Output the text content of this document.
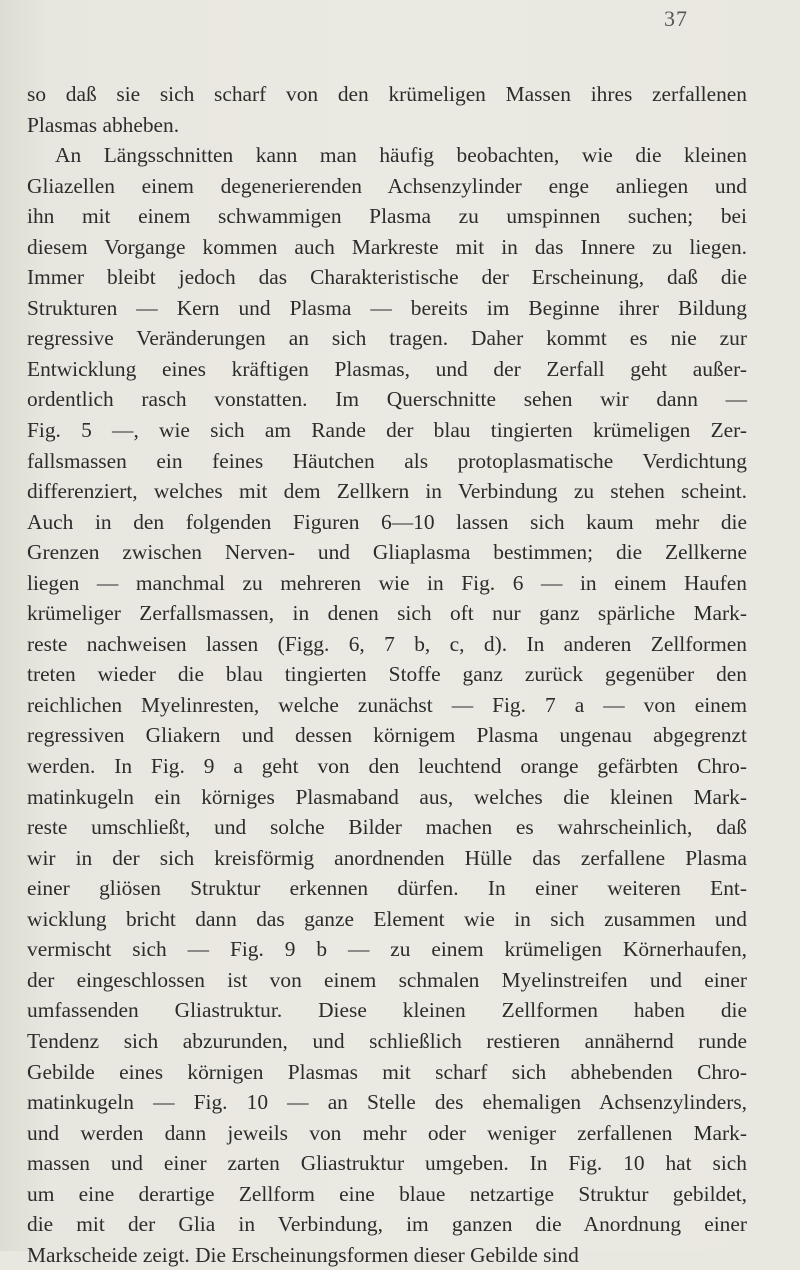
37
so daß sie sich scharf von den krümeligen Massen ihres zerfallenen
Plasmas abheben.
An Längsschnitten kann man häufig beobachten, wie die kleinen
Gliazellen einem degenerierenden Achsenzylinder enge anliegen und
ihn mit einem schwammigen Plasma zu umspinnen suchen; bei
diesem Vorgange kommen auch Markreste mit in das Innere zu liegen.
Immer bleibt jedoch das Charakteristische der Erscheinung, daß die
Strukturen — Kern und Plasma — bereits im Beginne ihrer Bildung
regressive Veränderungen an sich tragen. Daher kommt es nie zur
Entwicklung eines kräftigen Plasmas, und der Zerfall geht außer-
ordentlich rasch vonstatten. Im Querschnitte sehen wir dann —
Fig. 5 —, wie sich am Rande der blau tingierten krümeligen Zer-
fallsmassen ein feines Häutchen als protoplasmatische Verdichtung
differenziert, welches mit dem Zellkern in Verbindung zu stehen scheint.
Auch in den folgenden Figuren 6—10 lassen sich kaum mehr die
Grenzen zwischen Nerven- und Gliaplasma bestimmen; die Zellkerne
liegen — manchmal zu mehreren wie in Fig. 6 — in einem Haufen
krümeliger Zerfallsmassen, in denen sich oft nur ganz spärliche Mark-
reste nachweisen lassen (Figg. 6, 7 b, c, d). In anderen Zellformen
treten wieder die blau tingierten Stoffe ganz zurück gegenüber den
reichlichen Myelinresten, welche zunächst — Fig. 7 a — von einem
regressiven Gliakern und dessen körnigem Plasma ungenau abgegrenzt
werden. In Fig. 9 a geht von den leuchtend orange gefärbten Chro-
matinkugeln ein körniges Plasmaband aus, welches die kleinen Mark-
reste umschließt, und solche Bilder machen es wahrscheinlich, daß
wir in der sich kreisförmig anordnenden Hülle das zerfallene Plasma
einer gliösen Struktur erkennen dürfen. In einer weiteren Ent-
wicklung bricht dann das ganze Element wie in sich zusammen und
vermischt sich — Fig. 9 b — zu einem krümeligen Körnerhaufen,
der eingeschlossen ist von einem schmalen Myelinstreifen und einer
umfassenden Gliastruktur. Diese kleinen Zellformen haben die
Tendenz sich abzurunden, und schließlich restieren annähernd runde
Gebilde eines körnigen Plasmas mit scharf sich abhebenden Chro-
matinkugeln — Fig. 10 — an Stelle des ehemaligen Achsenzylinders,
und werden dann jeweils von mehr oder weniger zerfallenen Mark-
massen und einer zarten Gliastruktur umgeben. In Fig. 10 hat sich
um eine derartige Zellform eine blaue netzartige Struktur gebildet,
die mit der Glia in Verbindung, im ganzen die Anordnung einer
Markscheide zeigt. Die Erscheinungsformen dieser Gebilde sind
